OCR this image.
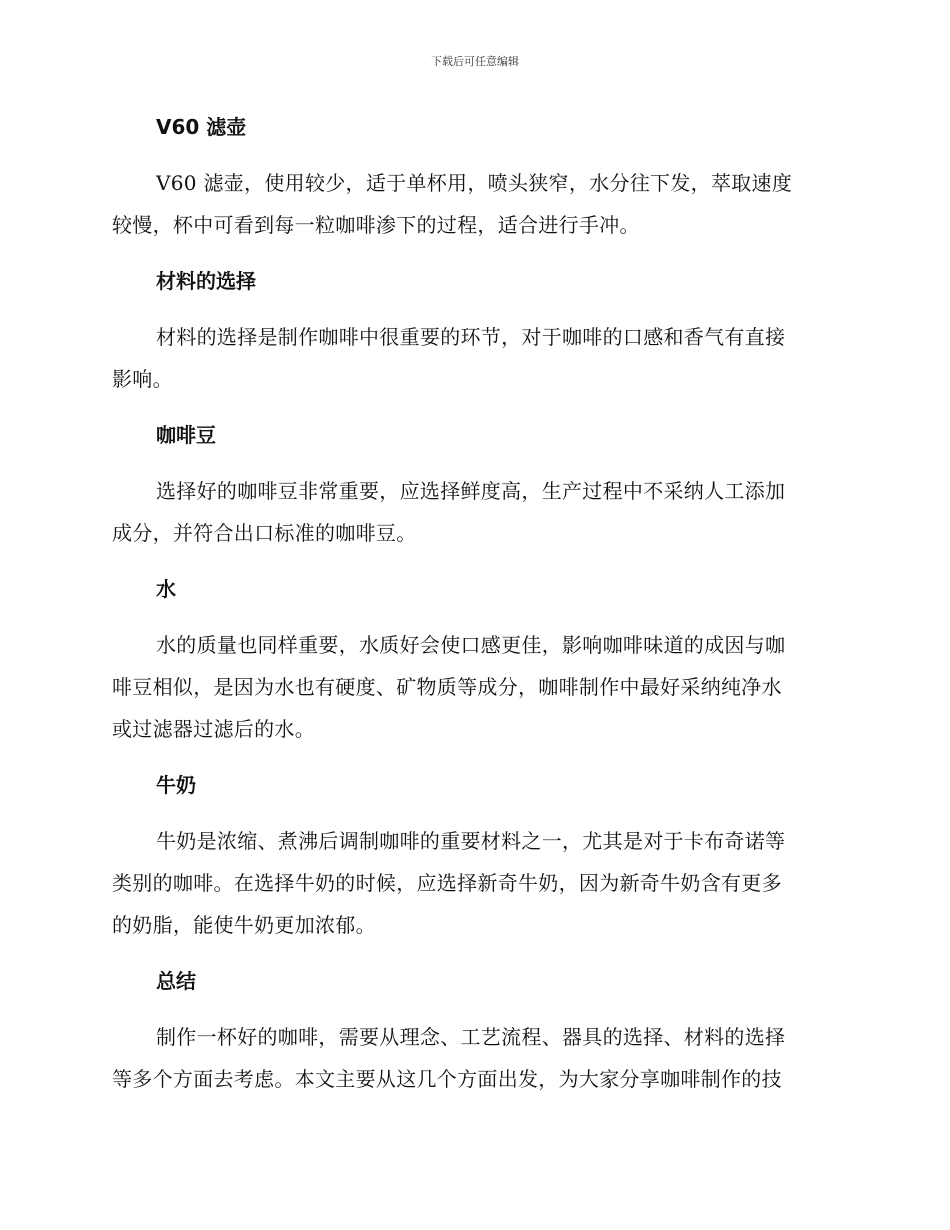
下载后可任意编辑
V60 滤壶

V60 滤壶，使用较少，适于单杯用，喷头狭窄，水分往下发，萃取速度
较慢，杯中可看到每一粒咖啡渗下的过程，适合进行手冲。

材料的选择

材料的选择是制作咖啡中很重要的环节，对于咖啡的口感和香气有直接
影响。

咖啡豆

选择好的咖啡豆非常重要，应选择鲜度高，生产过程中不采纳人工添加
成分，并符合出口标准的咖啡豆。

水

水的质量也同样重要，水质好会使口感更佳，影响咖啡味道的成因与咖
啡豆相似，是因为水也有硬度、矿物质等成分，咖啡制作中最好采纳纯净水
或过滤器过滤后的水。

牛奶

牛奶是浓缩、煮沸后调制咖啡的重要材料之一，尤其是对于卡布奇诺等
类别的咖啡。在选择牛奶的时候，应选择新奇牛奶，因为新奇牛奶含有更多
的奶脂，能使牛奶更加浓郁。

总结

制作一杯好的咖啡，需要从理念、工艺流程、器具的选择、材料的选择
等多个方面去考虑。本文主要从这几个方面出发，为大家分享咖啡制作的技
